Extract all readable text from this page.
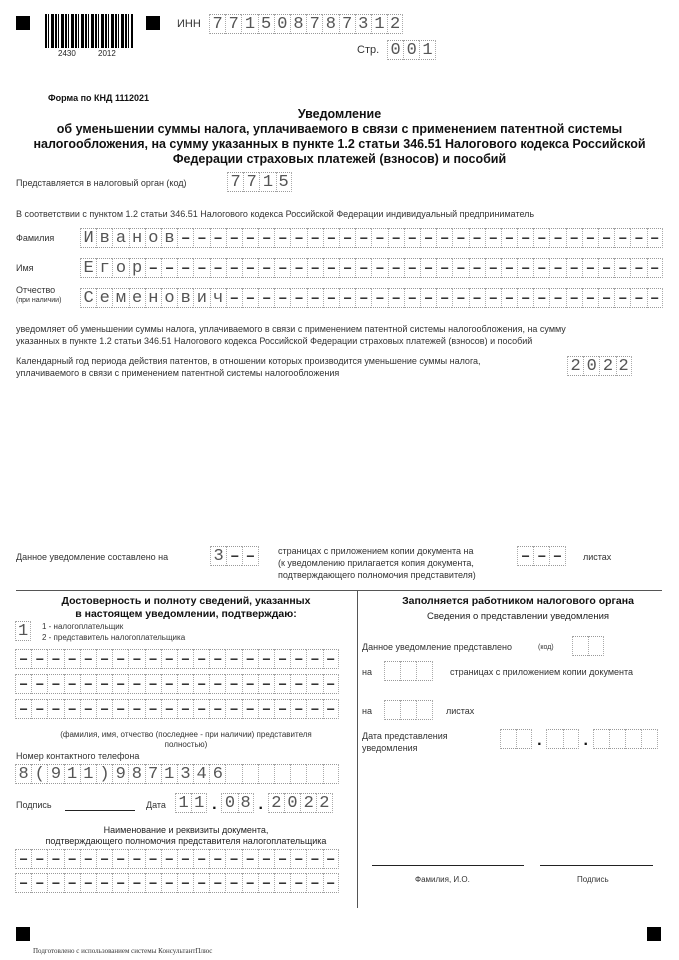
2430	2012
ИНН 7 7 1 5 0 8 7 8 7 3 1 2
Стр. 0 0 1
Форма по КНД 1112021
Уведомление
об уменьшении суммы налога, уплачиваемого в связи с применением патентной системы
налогообложения, на сумму указанных в пункте 1.2 статьи 346.51 Налогового кодекса Российской
Федерации страховых платежей (взносов) и пособий
Представляется в налоговый орган (код)	7 7 1 5
В соответствии с пунктом 1.2 статьи 346.51 Налогового кодекса Российской Федерации индивидуальный предприниматель
Фамилия И в а н о в – – – – – – – – – – – – – – – – – – – – – – – – – – – – – –
Имя	Е г о р – – – – – – – – – – – – – – – – – – – – – – – – – – – – – – – –
Отчество
(при наличии) С е м е н о в и ч – – – – – – – – – – – – – – – – – – – – – – – – – – –
уведомляет об уменьшении суммы налога, уплачиваемого в связи с применением патентной системы налогообложения, на сумму
указанных в пункте 1.2 статьи 346.51 Налогового кодекса Российской Федерации страховых платежей (взносов) и пособий
Календарный год периода действия патентов, в отношении которых производится уменьшение суммы налога,
уплачиваемого в связи с применением патентной системы налогообложения	2 0 2 2
Данное уведомление составлено на	3 – –	страницах с приложением копии документа на
(к уведомлению прилагается копия документа,
подтверждающего полномочия представителя)
– – –	листах
Достоверность и полноту сведений, указанных
в настоящем уведомлении, подтверждаю:
1	1 - налогоплательщик
2 - представитель налогоплательщика
– – – – – – – – – – – – – – – – – – – –
– – – – – – – – – – – – – – – – – – – –
– – – – – – – – – – – – – – – – – – – –
(фамилия, имя, отчество (последнее - при наличии) представителя
полностью)
Номер контактного телефона
8 ( 9 1 1 ) 9 8 7 1 3 4 6
Подпись	Дата 1 1 . 0 8 . 2 0 2 2
Наименование и реквизиты документа,
подтверждающего полномочия представителя налогоплательщика
– – – – – – – – – – – – – – – – – – – –
– – – – – – – – – – – – – – – – – – – –
Заполняется работником налогового органа
Сведения о представлении уведомления
Данное уведомление представлено	(код)
на	страницах с приложением копии документа
на	листах
Дата представления
уведомления	.	.
Фамилия, И.О.	Подпись
Подготовлено с использованием системы КонсультантПлюс
